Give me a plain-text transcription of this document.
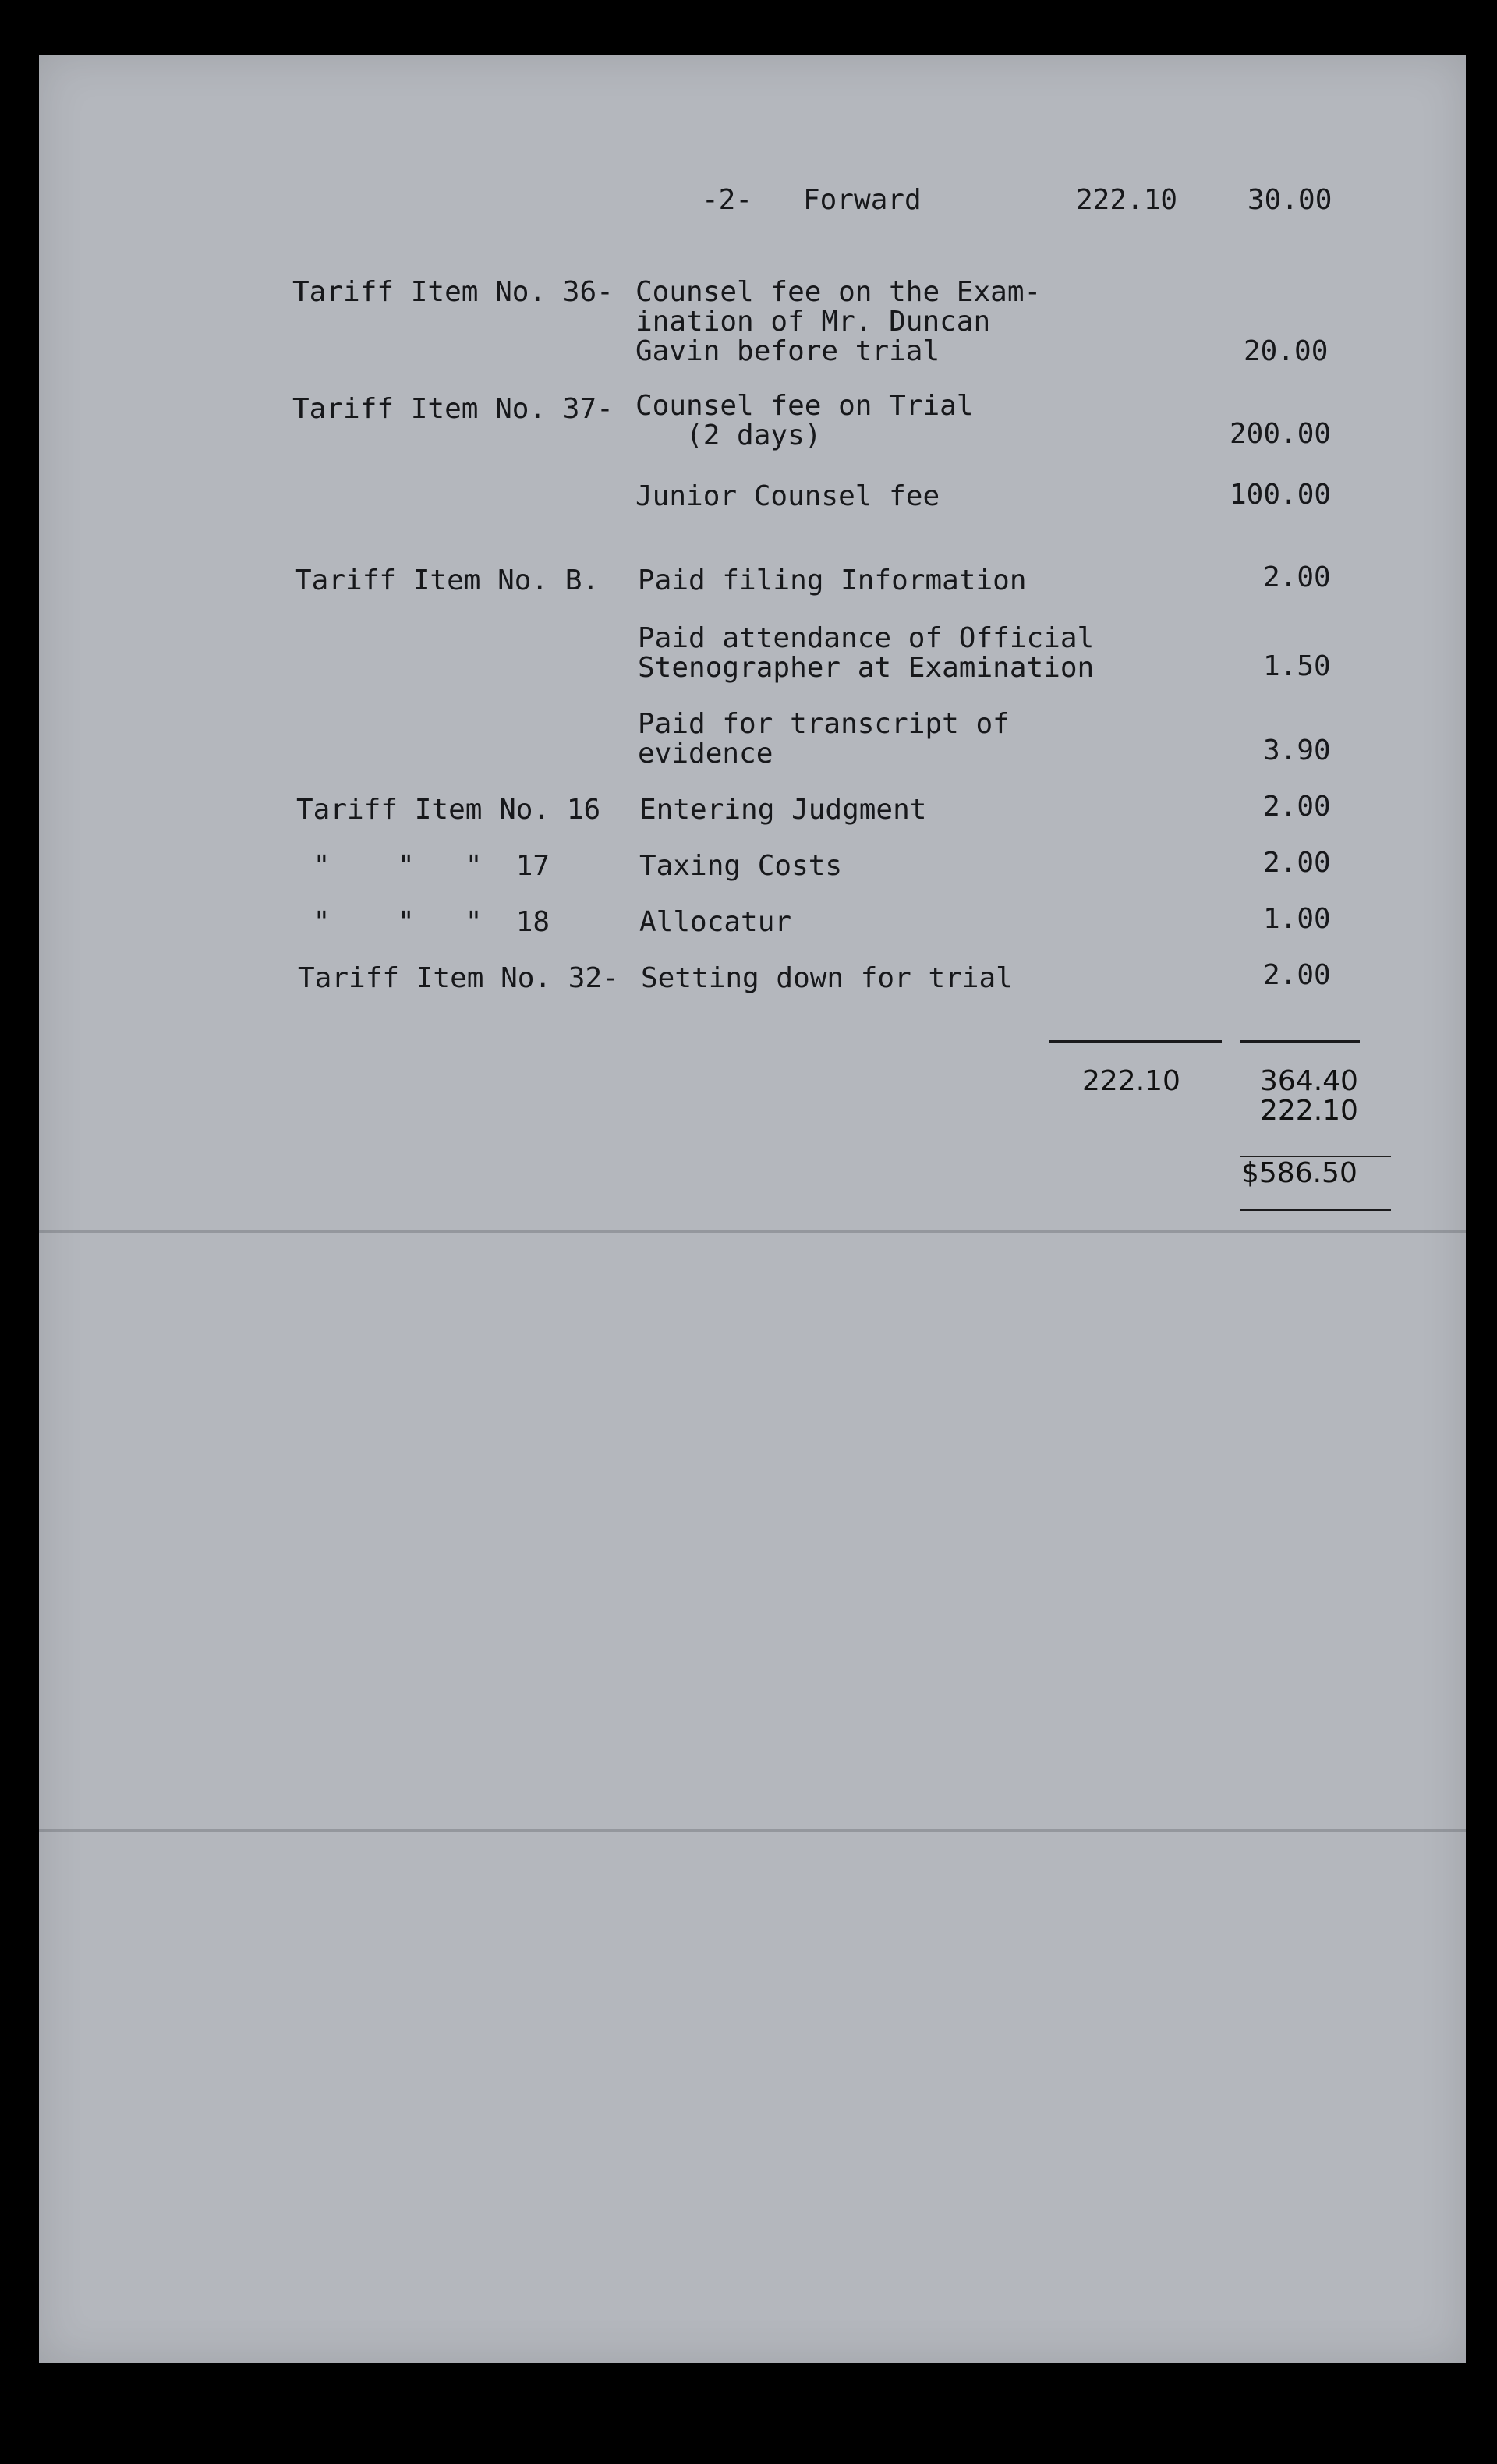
-2- Forward	222.10 30.00
Tariff Item No. 36- Counsel fee on the Exam-
ination of Mr. Duncan
Gavin before trial	20.00
Tariff Item No. 37- Counsel fee on Trial
(2 days)	200.00
Junior Counsel fee	100.00
Tariff Item No. B. Paid filing Information	2.00
Paid attendance of Official
Stenographer at Examination	1.50
Paid for transcript of
evidence	3.90
Tariff Item No. 16 Entering Judgment	2.00
"    "   "  17	Taxing Costs	2.00
"    "   "  18	Allocatur	1.00
Tariff Item No. 32- Setting down for trial	2.00
222.10	364.40
222.10
$586.50
